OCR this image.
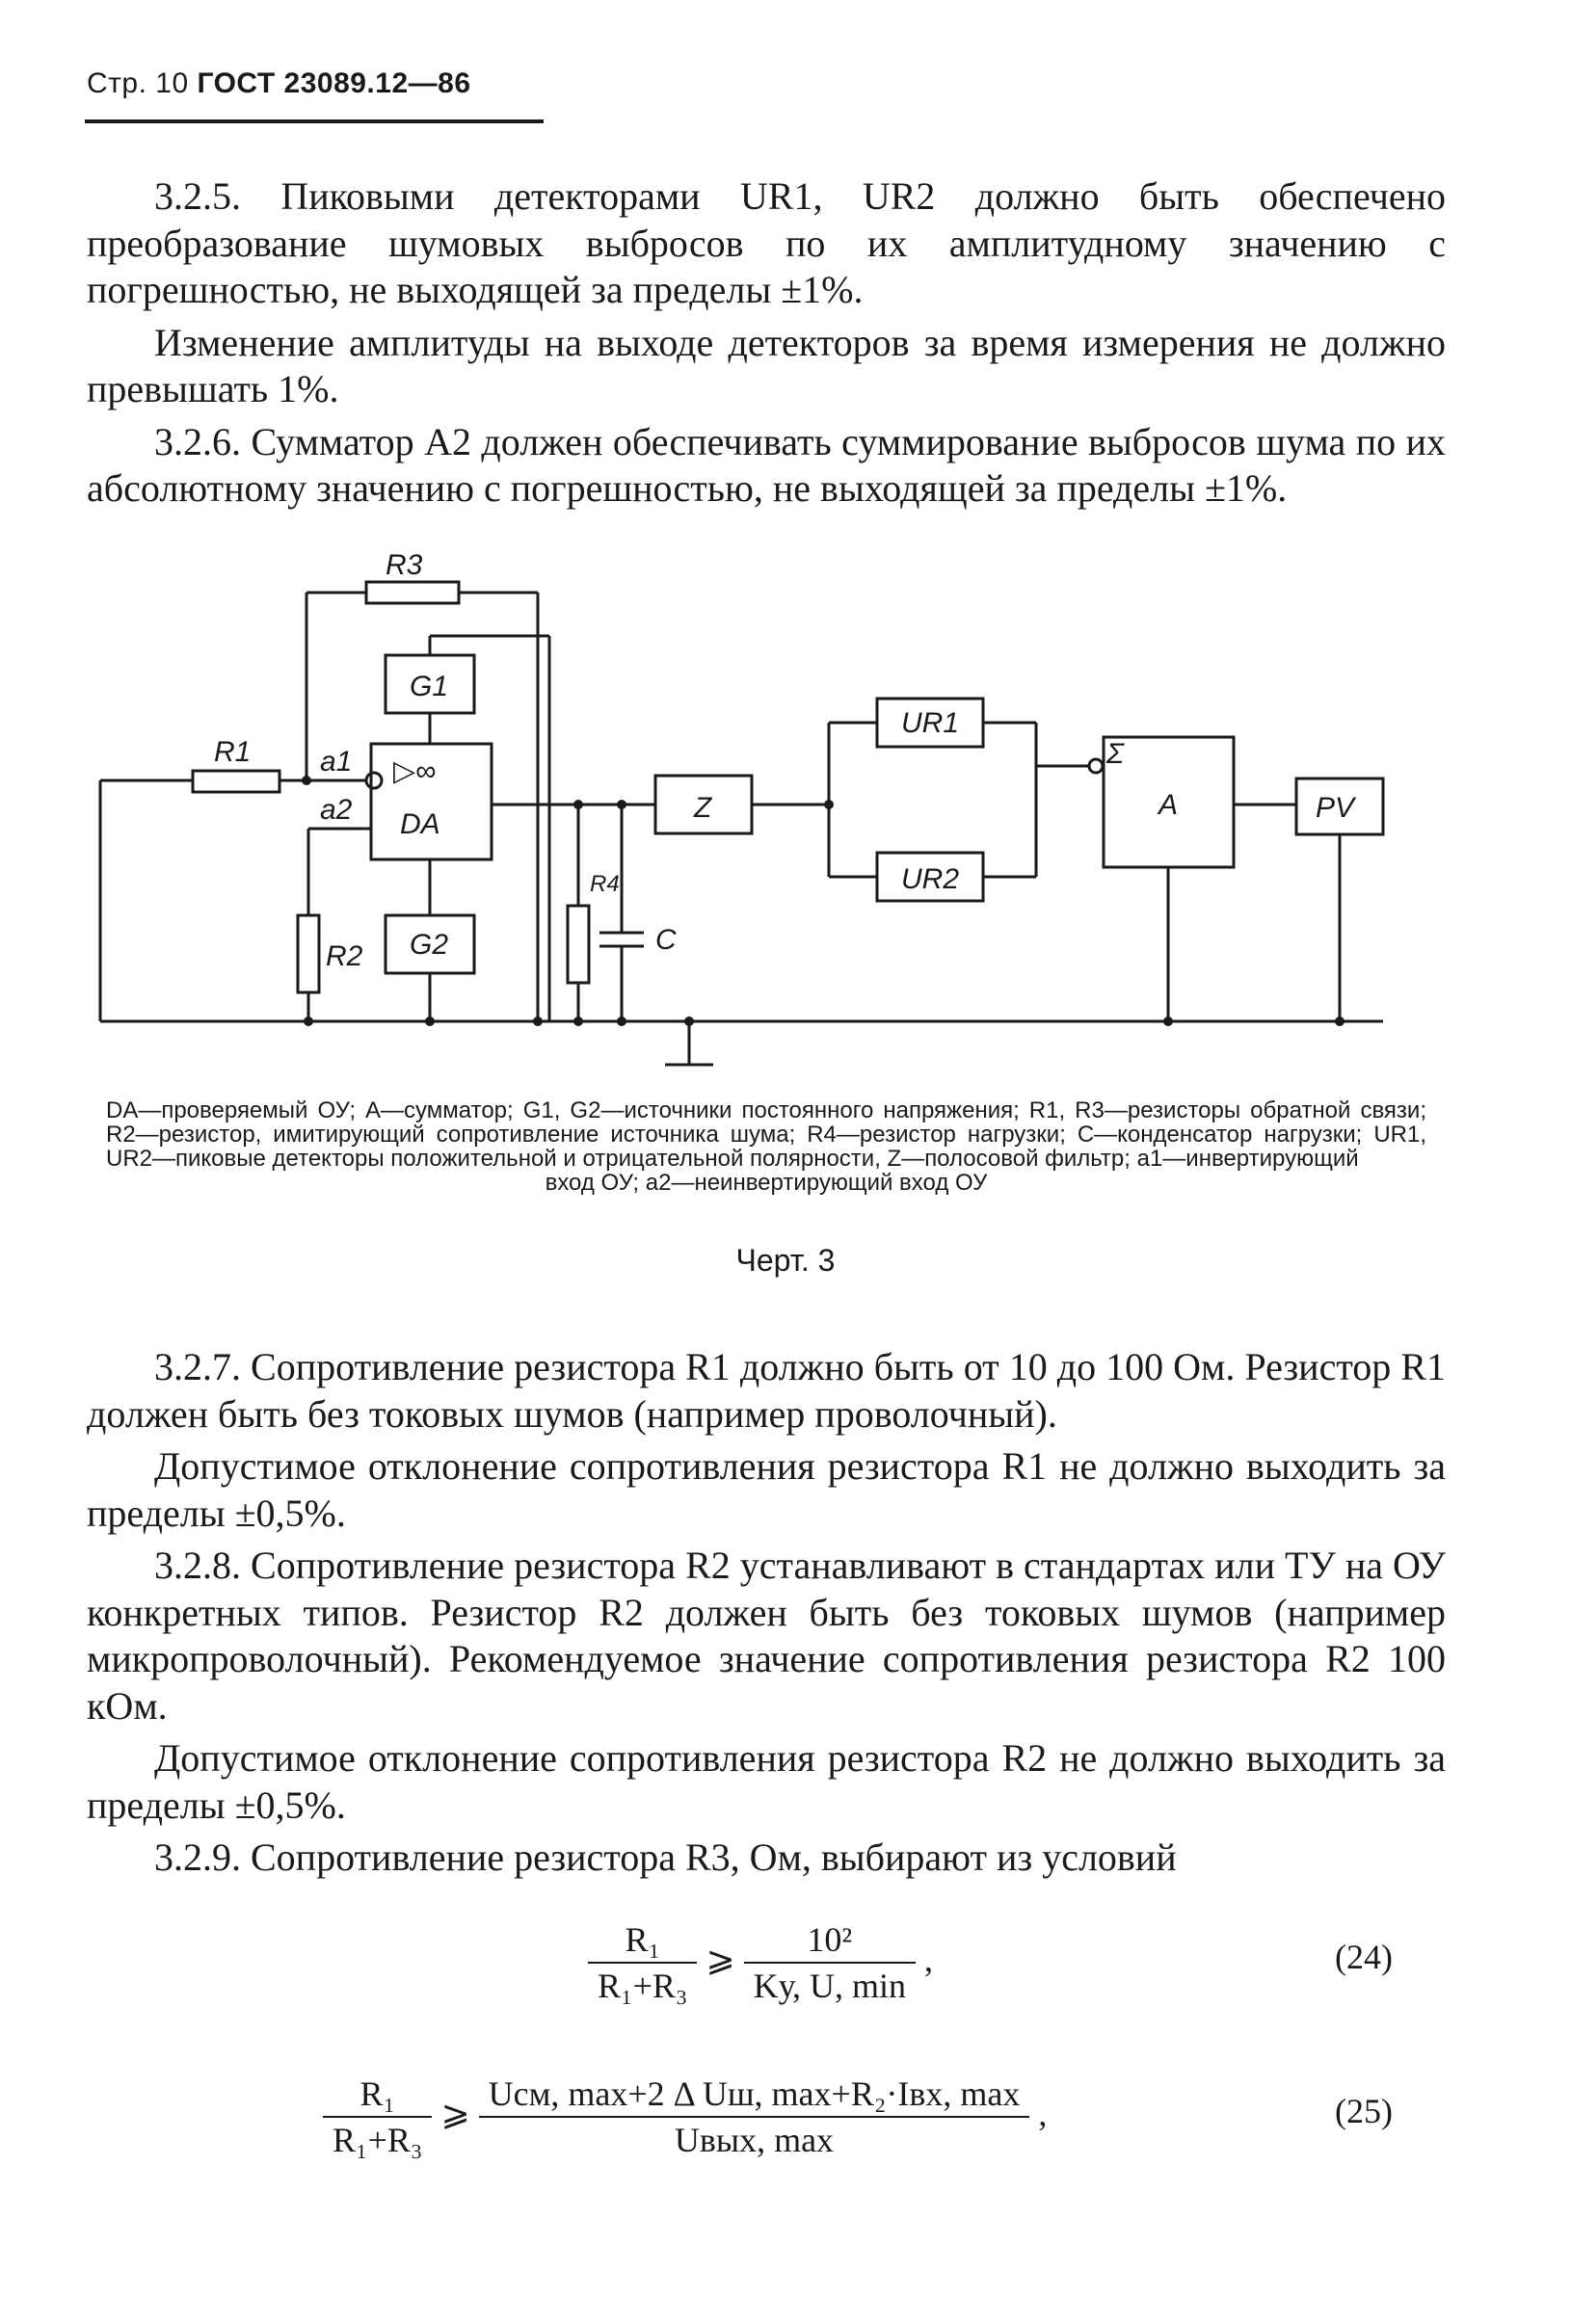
Стр. 10 ГОСТ 23089.12—86

3.2.5. Пиковыми детекторами UR1, UR2 должно быть обеспечено преобразование шумовых выбросов по их амплитудному значению с погрешностью, не выходящей за пределы ±1%.

Изменение амплитуды на выходе детекторов за время измерения не должно превышать 1%.

3.2.6. Сумматор A2 должен обеспечивать суммирование выбросов шума по их абсолютному значению с погрешностью, не выходящей за пределы ±1%.

R3
G1
R1 a1 ▷∞
a2 DA
R2 G2
R4
C
Z
UR1
UR2
Σ
A	PV
DA—проверяемый ОУ; A—сумматор; G1, G2—источники постоянного напряжения; R1, R3—резисторы обратной связи; R2—резистор, имитирующий сопротивление источника шума; R4—резистор нагрузки; C—конденсатор нагрузки; UR1, UR2—пиковые детекторы положительной и отрицательной полярности, Z—полосовой фильтр; a1—инвертирующий
вход ОУ; a2—неинвертирующий вход ОУ
Черт. 3

3.2.7. Сопротивление резистора R1 должно быть от 10 до 100 Ом. Резистор R1 должен быть без токовых шумов (например проволочный).

Допустимое отклонение сопротивления резистора R1 не должно выходить за пределы ±0,5%.

3.2.8. Сопротивление резистора R2 устанавливают в стандартах или ТУ на ОУ конкретных типов. Резистор R2 должен быть без токовых шумов (например микропроволочный). Рекомендуемое значение сопротивления резистора R2 100 кОм.

Допустимое отклонение сопротивления резистора R2 не должно выходить за пределы ±0,5%.

3.2.9. Сопротивление резистора R3, Ом, выбирают из условий

$\frac{\text{R₁}}{\text{R₁+R₃}}$ ⩾ $\frac{\text{10²}}{Kу, U, \min}$ ,	(24)
$\frac{\text{R₁}}{\text{R₁+R₃}}$ ⩾ $\frac{\text{Uсм, max+2 Δ Uш, max+R₂·Iвх, max}}{\text{Uвых, max}}$ ,	(25)
